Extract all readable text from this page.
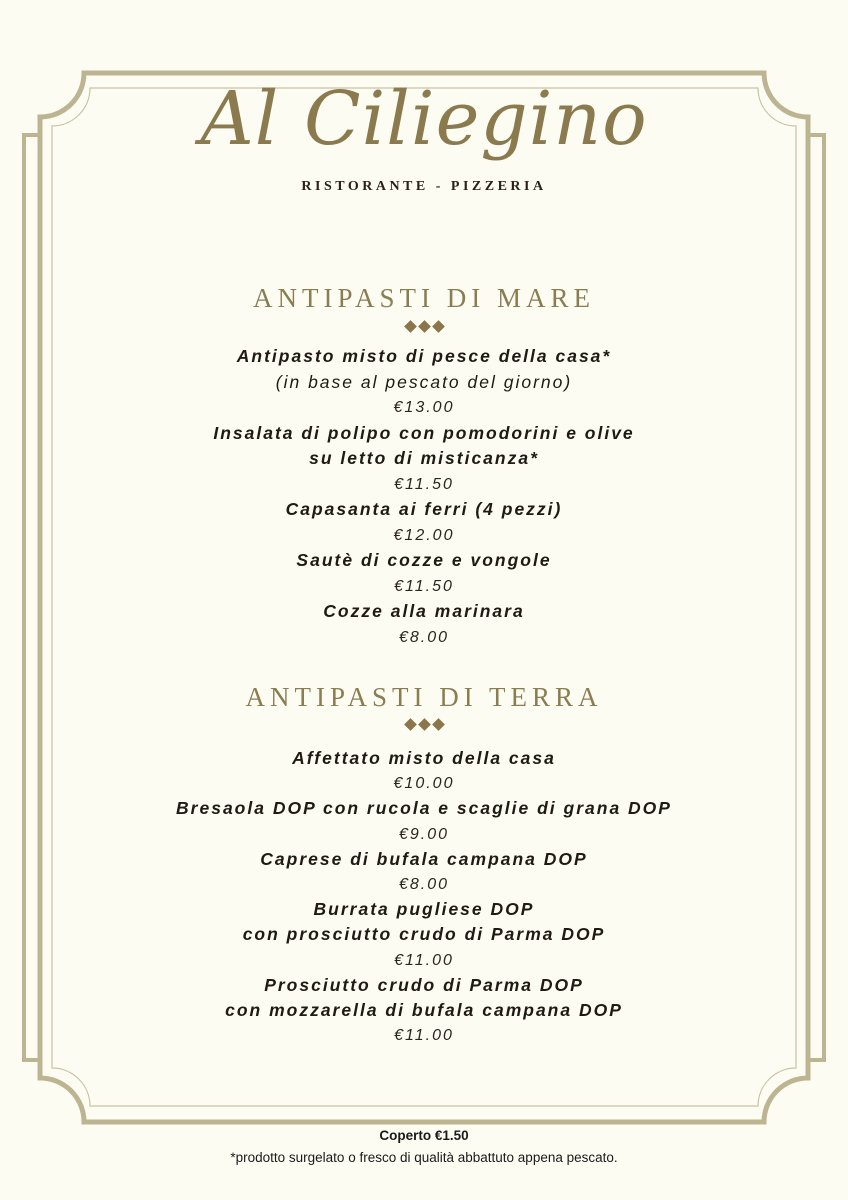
Al Ciliegino
RISTORANTE - PIZZERIA
ANTIPASTI DI MARE
Antipasto misto di pesce della casa*
(in base al pescato del giorno)
€13.00
Insalata di polipo con pomodorini e olive
su letto di misticanza*
€11.50
Capasanta ai ferri (4 pezzi)
€12.00
Sautè di cozze e vongole
€11.50
Cozze alla marinara
€8.00
ANTIPASTI DI TERRA
Affettato misto della casa
€10.00
Bresaola DOP con rucola e scaglie di grana DOP
€9.00
Caprese di bufala campana DOP
€8.00
Burrata pugliese DOP
con prosciutto crudo di Parma DOP
€11.00
Prosciutto crudo di Parma DOP
con mozzarella di bufala campana DOP
€11.00
Coperto €1.50
*prodotto surgelato o fresco di qualità abbattuto appena pescato.
